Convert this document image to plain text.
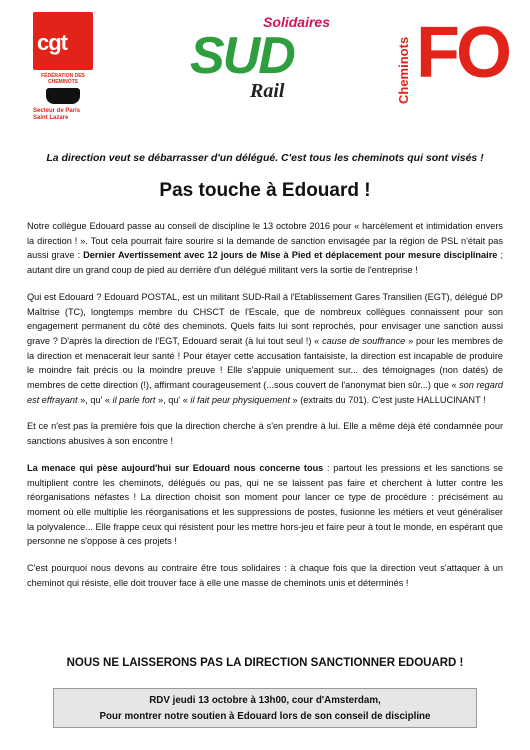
cgt
FÉDÉRATION DES CHEMINOTS
Secteur de Paris Saint Lazare
Solidaires
SUD
Rail	Cheminots FO
La direction veut se débarrasser d'un délégué. C'est tous les cheminots qui sont visés !
Pas touche à Edouard !

Notre collègue Edouard passe au conseil de discipline le 13 octobre 2016 pour « harcèlement et intimidation envers la direction ! ». Tout cela pourrait faire sourire si la demande de sanction envisagée par la région de PSL n'était pas aussi grave : Dernier Avertissement avec 12 jours de Mise à Pied et déplacement pour mesure disciplinaire ; autant dire un grand coup de pied au derrière d'un délégué militant vers la sortie de l'entreprise !

Qui est Edouard ? Edouard POSTAL, est un militant SUD-Rail à l'Etablissement Gares Transilien (EGT), délégué DP Maîtrise (TC), longtemps membre du CHSCT de l'Escale, que de nombreux collègues connaissent pour son engagement permanent du côté des cheminots. Quels faits lui sont reprochés, pour envisager une sanction aussi grave ? D'après la direction de l'EGT, Edouard serait (à lui tout seul !) « cause de souffrance » pour les membres de la direction et menacerait leur santé ! Pour étayer cette accusation fantaisiste, la direction est incapable de produire le moindre fait précis ou la moindre preuve ! Elle s'appuie uniquement sur... des témoignages (non datés) de membres de cette direction (!), affirmant courageusement (...sous couvert de l'anonymat bien sûr...) que « son regard est effrayant », qu' « il parle fort », qu' « il fait peur physiquement » (extraits du 701). C'est juste HALLUCINANT !

Et ce n'est pas la première fois que la direction cherche à s'en prendre à lui. Elle a même déjà été condamnée pour sanctions abusives à son encontre !

La menace qui pèse aujourd'hui sur Edouard nous concerne tous : partout les pressions et les sanctions se multiplient contre les cheminots, délégués ou pas, qui ne se laissent pas faire et cherchent à lutter contre les réorganisations néfastes ! La direction choisit son moment pour lancer ce type de procédure : précisément au moment où elle multiplie les réorganisations et les suppressions de postes, fusionne les métiers et veut généraliser la polyvalence... Elle frappe ceux qui résistent pour les mettre hors-jeu et faire peur à tout le monde, en espérant que personne ne s'oppose à ces projets !

C'est pourquoi nous devons au contraire être tous solidaires : à chaque fois que la direction veut s'attaquer à un cheminot qui résiste, elle doit trouver face à elle une masse de cheminots unis et déterminés !

NOUS NE LAISSERONS PAS LA DIRECTION SANCTIONNER EDOUARD !
RDV jeudi 13 octobre à 13h00, cour d'Amsterdam,
Pour montrer notre soutien à Edouard lors de son conseil de discipline
